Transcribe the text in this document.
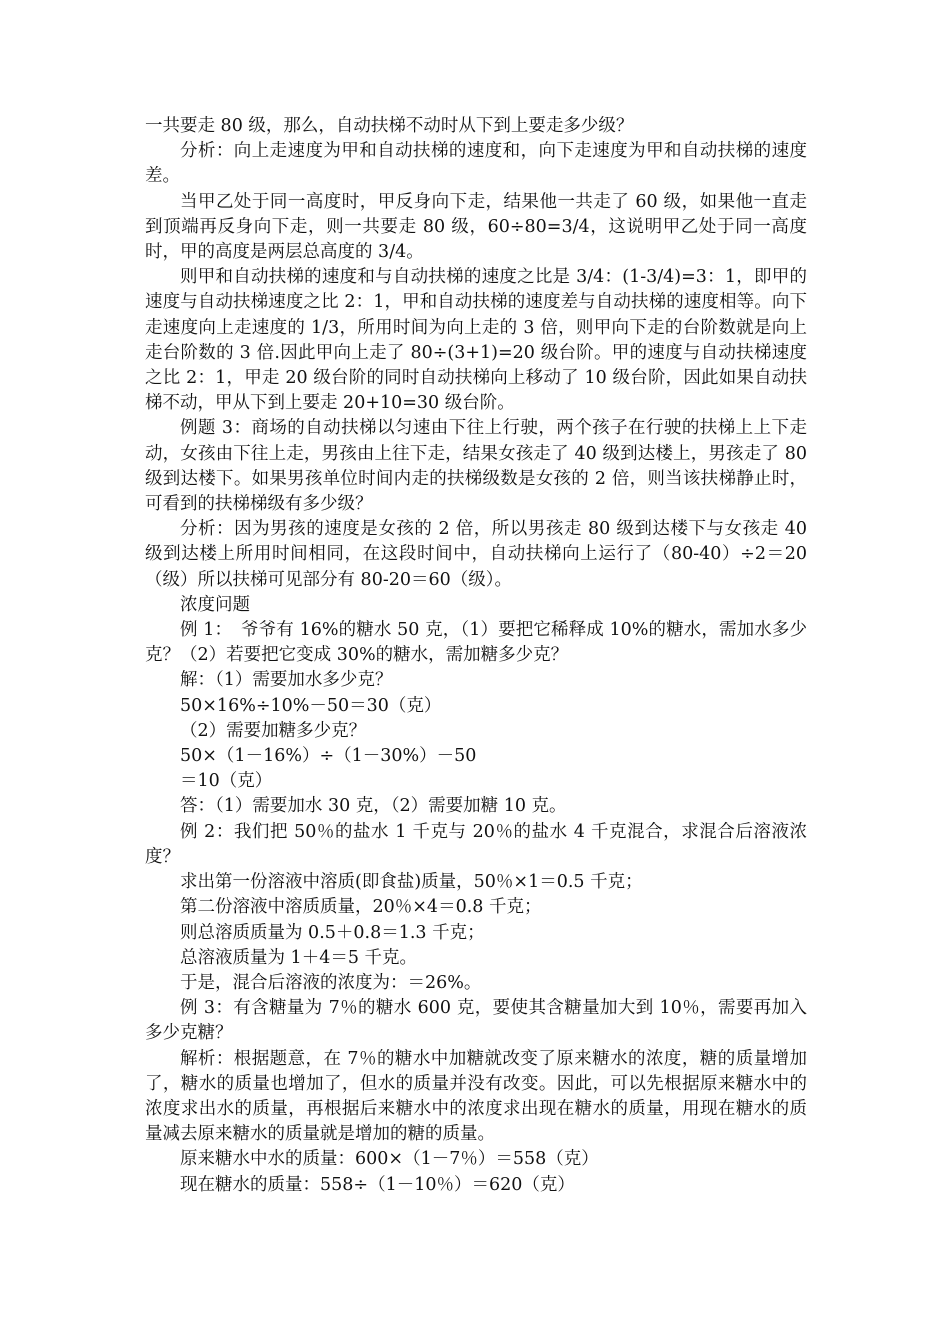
一共要走 80 级，那么，自动扶梯不动时从下到上要走多少级？

分析：向上走速度为甲和自动扶梯的速度和，向下走速度为甲和自动扶梯的速度差。

当甲乙处于同一高度时，甲反身向下走，结果他一共走了 60 级，如果他一直走到顶端再反身向下走，则一共要走 80 级，60÷80=3/4，这说明甲乙处于同一高度时，甲的高度是两层总高度的 3/4。

则甲和自动扶梯的速度和与自动扶梯的速度之比是 3/4：(1-3/4)=3：1，即甲的速度与自动扶梯速度之比 2：1，甲和自动扶梯的速度差与自动扶梯的速度相等。向下走速度向上走速度的 1/3，所用时间为向上走的 3 倍，则甲向下走的台阶数就是向上走台阶数的 3 倍.因此甲向上走了 80÷(3+1)=20 级台阶。甲的速度与自动扶梯速度之比 2：1，甲走 20 级台阶的同时自动扶梯向上移动了 10 级台阶，因此如果自动扶梯不动，甲从下到上要走 20+10=30 级台阶。

例题 3：商场的自动扶梯以匀速由下往上行驶，两个孩子在行驶的扶梯上上下走动，女孩由下往上走，男孩由上往下走，结果女孩走了 40 级到达楼上，男孩走了 80 级到达楼下。如果男孩单位时间内走的扶梯级数是女孩的 2 倍，则当该扶梯静止时，可看到的扶梯梯级有多少级？

分析：因为男孩的速度是女孩的 2 倍，所以男孩走 80 级到达楼下与女孩走 40 级到达楼上所用时间相同，在这段时间中，自动扶梯向上运行了（80-40）÷2＝20（级）所以扶梯可见部分有 80-20＝60（级）。

浓度问题

例 1：　爷爷有 16%的糖水 50 克，（1）要把它稀释成 10%的糖水，需加水多少克？（2）若要把它变成 30%的糖水，需加糖多少克？

解：（1）需要加水多少克？

50×16%÷10%－50＝30（克）

（2）需要加糖多少克？

50×（1－16%）÷（1－30%）－50

＝10（克）

答：（1）需要加水 30 克，（2）需要加糖 10 克。

例 2：我们把 50％的盐水 1 千克与 20％的盐水 4 千克混合，求混合后溶液浓度？

求出第一份溶液中溶质(即食盐)质量，50％×1＝0.5 千克；

第二份溶液中溶质质量，20％×4＝0.8 千克；

则总溶质质量为 0.5＋0.8＝1.3 千克；

总溶液质量为 1＋4＝5 千克。

于是，混合后溶液的浓度为：＝26%。

例 3：有含糖量为 7％的糖水 600 克，要使其含糖量加大到 10％，需要再加入多少克糖？

解析：根据题意，在 7％的糖水中加糖就改变了原来糖水的浓度，糖的质量增加了，糖水的质量也增加了，但水的质量并没有改变。因此，可以先根据原来糖水中的浓度求出水的质量，再根据后来糖水中的浓度求出现在糖水的质量，用现在糖水的质量减去原来糖水的质量就是增加的糖的质量。

原来糖水中水的质量：600×（1－7％）＝558（克）

现在糖水的质量：558÷（1－10％）＝620（克）
